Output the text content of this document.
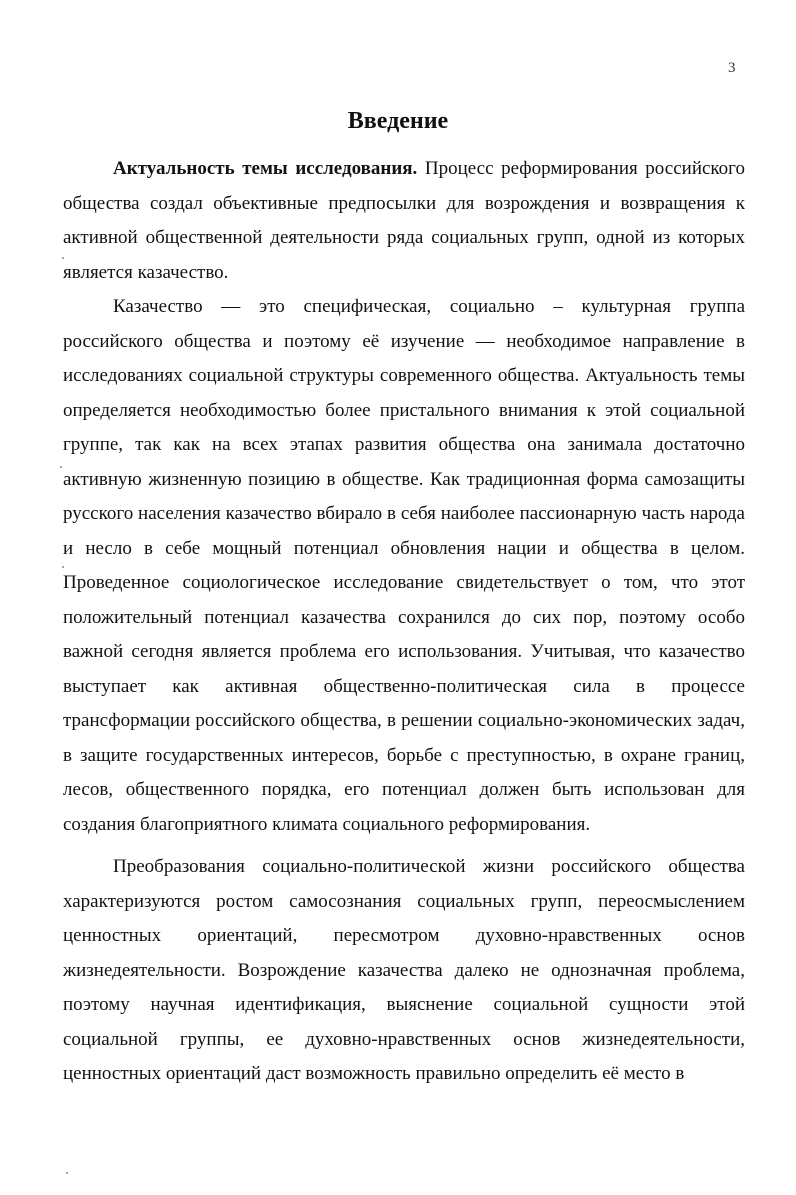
3
Введение

Актуальность темы исследования. Процесс реформирования российского общества создал объективные предпосылки для возрождения и возвращения к активной общественной деятельности ряда социальных групп, одной из которых является казачество.

Казачество — это специфическая, социально – культурная группа российского общества и поэтому её изучение — необходимое направление в исследованиях социальной структуры современного общества. Актуальность темы определяется необходимостью более пристального внимания к этой социальной группе, так как на всех этапах развития общества она занимала достаточно активную жизненную позицию в обществе. Как традиционная форма самозащиты русского населения казачество вбирало в себя наиболее пассионарную часть народа и несло в себе мощный потенциал обновления нации и общества в целом. Проведенное социологическое исследование свидетельствует о том, что этот положительный потенциал казачества сохранился до сих пор, поэтому особо важной сегодня является проблема его использования. Учитывая, что казачество выступает как активная общественно-политическая сила в процессе трансформации российского общества, в решении социально-экономических задач, в защите государственных интересов, борьбе с преступностью, в охране границ, лесов, общественного порядка, его потенциал должен быть использован для создания благоприятного климата социального реформирования.

Преобразования социально-политической жизни российского общества характеризуются ростом самосознания социальных групп, переосмыслением ценностных ориентаций, пересмотром духовно-нравственных основ жизнедеятельности. Возрождение казачества далеко не однозначная проблема, поэтому научная идентификация, выяснение социальной сущности этой социальной группы, ее духовно-нравственных основ жизнедеятельности, ценностных ориентаций даст возможность правильно определить её место в
